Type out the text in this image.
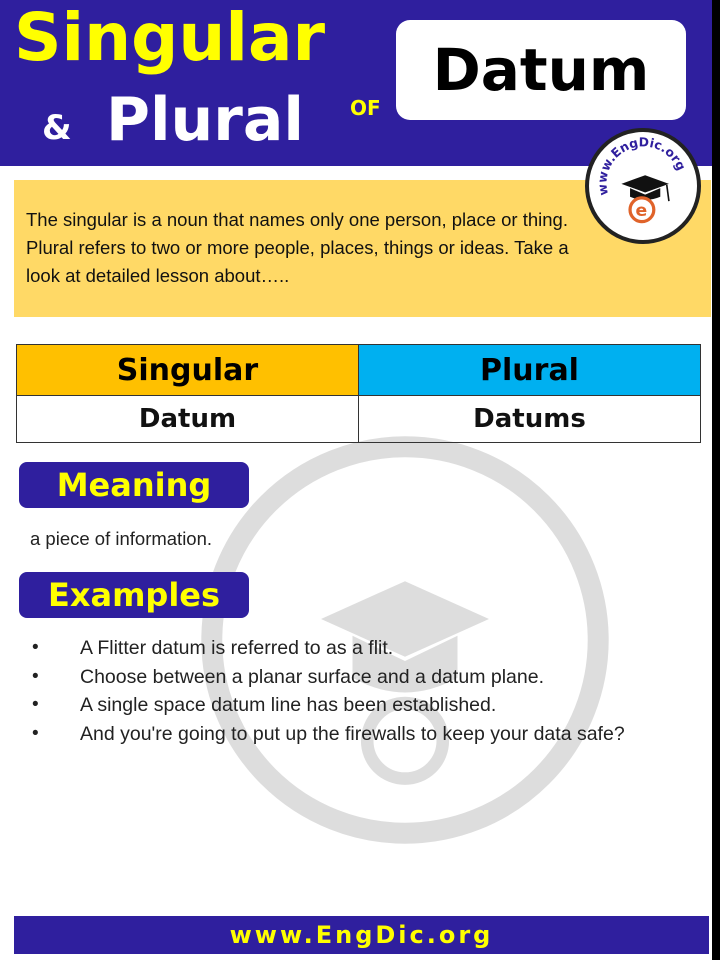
Singular
& Plural OF
Datum

The singular is a noun that names only one person, place or thing. Plural refers to two or more people, places, things or ideas. Take a look at detailed lesson about…..

Singular	Plural
Datum	Datums
Meaning
a piece of information.
Examples
• A Flitter datum is referred to as a flit.
• Choose between a planar surface and a datum plane.
• A single space datum line has been established.
• And you're going to put up the firewalls to keep your data safe?
www.EngDic.org
www.EngDic.org
e
